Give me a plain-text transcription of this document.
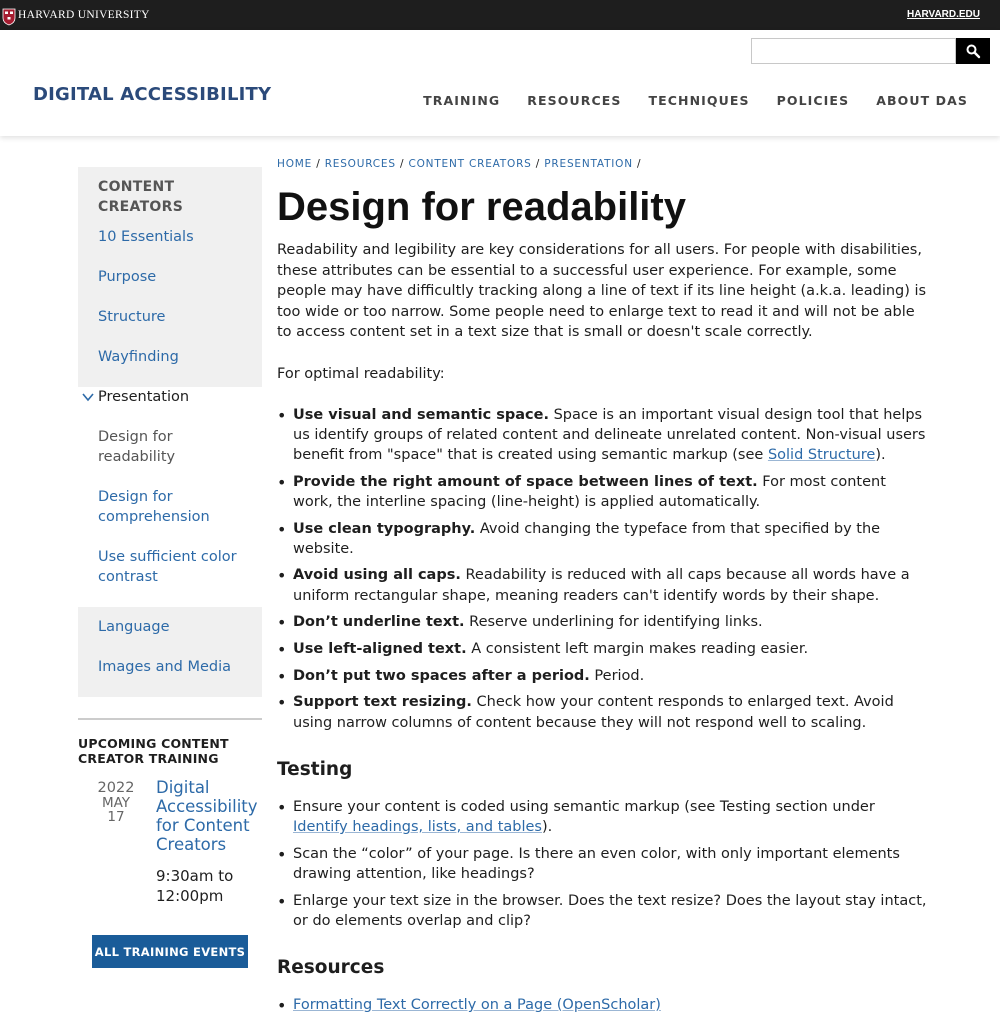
HARVARD UNIVERSITY	HARVARD.EDU
DIGITAL ACCESSIBILITY	TRAINING RESOURCES TECHNIQUES POLICIES ABOUT DAS
CONTENT CREATORS
10 Essentials
Purpose
Structure
Wayfinding
Presentation
Design for readability
Design for comprehension
Use sufficient color contrast
Language
Images and Media
UPCOMING CONTENT CREATOR TRAINING
2022
MAY
17
Digital Accessibility for Content Creators
9:30am to 12:00pm
ALL TRAINING EVENTS
HOME / RESOURCES / CONTENT CREATORS / PRESENTATION /
Design for readability

Readability and legibility are key considerations for all users. For people with disabilities, these attributes can be essential to a successful user experience. For example, some people may have difficultly tracking along a line of text if its line height (a.k.a. leading) is too wide or too narrow. Some people need to enlarge text to read it and will not be able to access content set in a text size that is small or doesn't scale correctly.

For optimal readability:

• Use visual and semantic space. Space is an important visual design tool that helps us identify groups of related content and delineate unrelated content. Non-visual users benefit from "space" that is created using semantic markup (see Solid Structure).
• Provide the right amount of space between lines of text. For most content work, the interline spacing (line-height) is applied automatically.
• Use clean typography. Avoid changing the typeface from that specified by the website.
• Avoid using all caps. Readability is reduced with all caps because all words have a uniform rectangular shape, meaning readers can't identify words by their shape.
• Don’t underline text. Reserve underlining for identifying links.
• Use left-aligned text. A consistent left margin makes reading easier.
• Don’t put two spaces after a period. Period.
• Support text resizing. Check how your content responds to enlarged text. Avoid using narrow columns of content because they will not respond well to scaling.
Testing
• Ensure your content is coded using semantic markup (see Testing section under Identify headings, lists, and tables).
• Scan the “color” of your page. Is there an even color, with only important elements drawing attention, like headings?
• Enlarge your text size in the browser. Does the text resize? Does the layout stay intact, or do elements overlap and clip?
Resources
• Formatting Text Correctly on a Page (OpenScholar)
